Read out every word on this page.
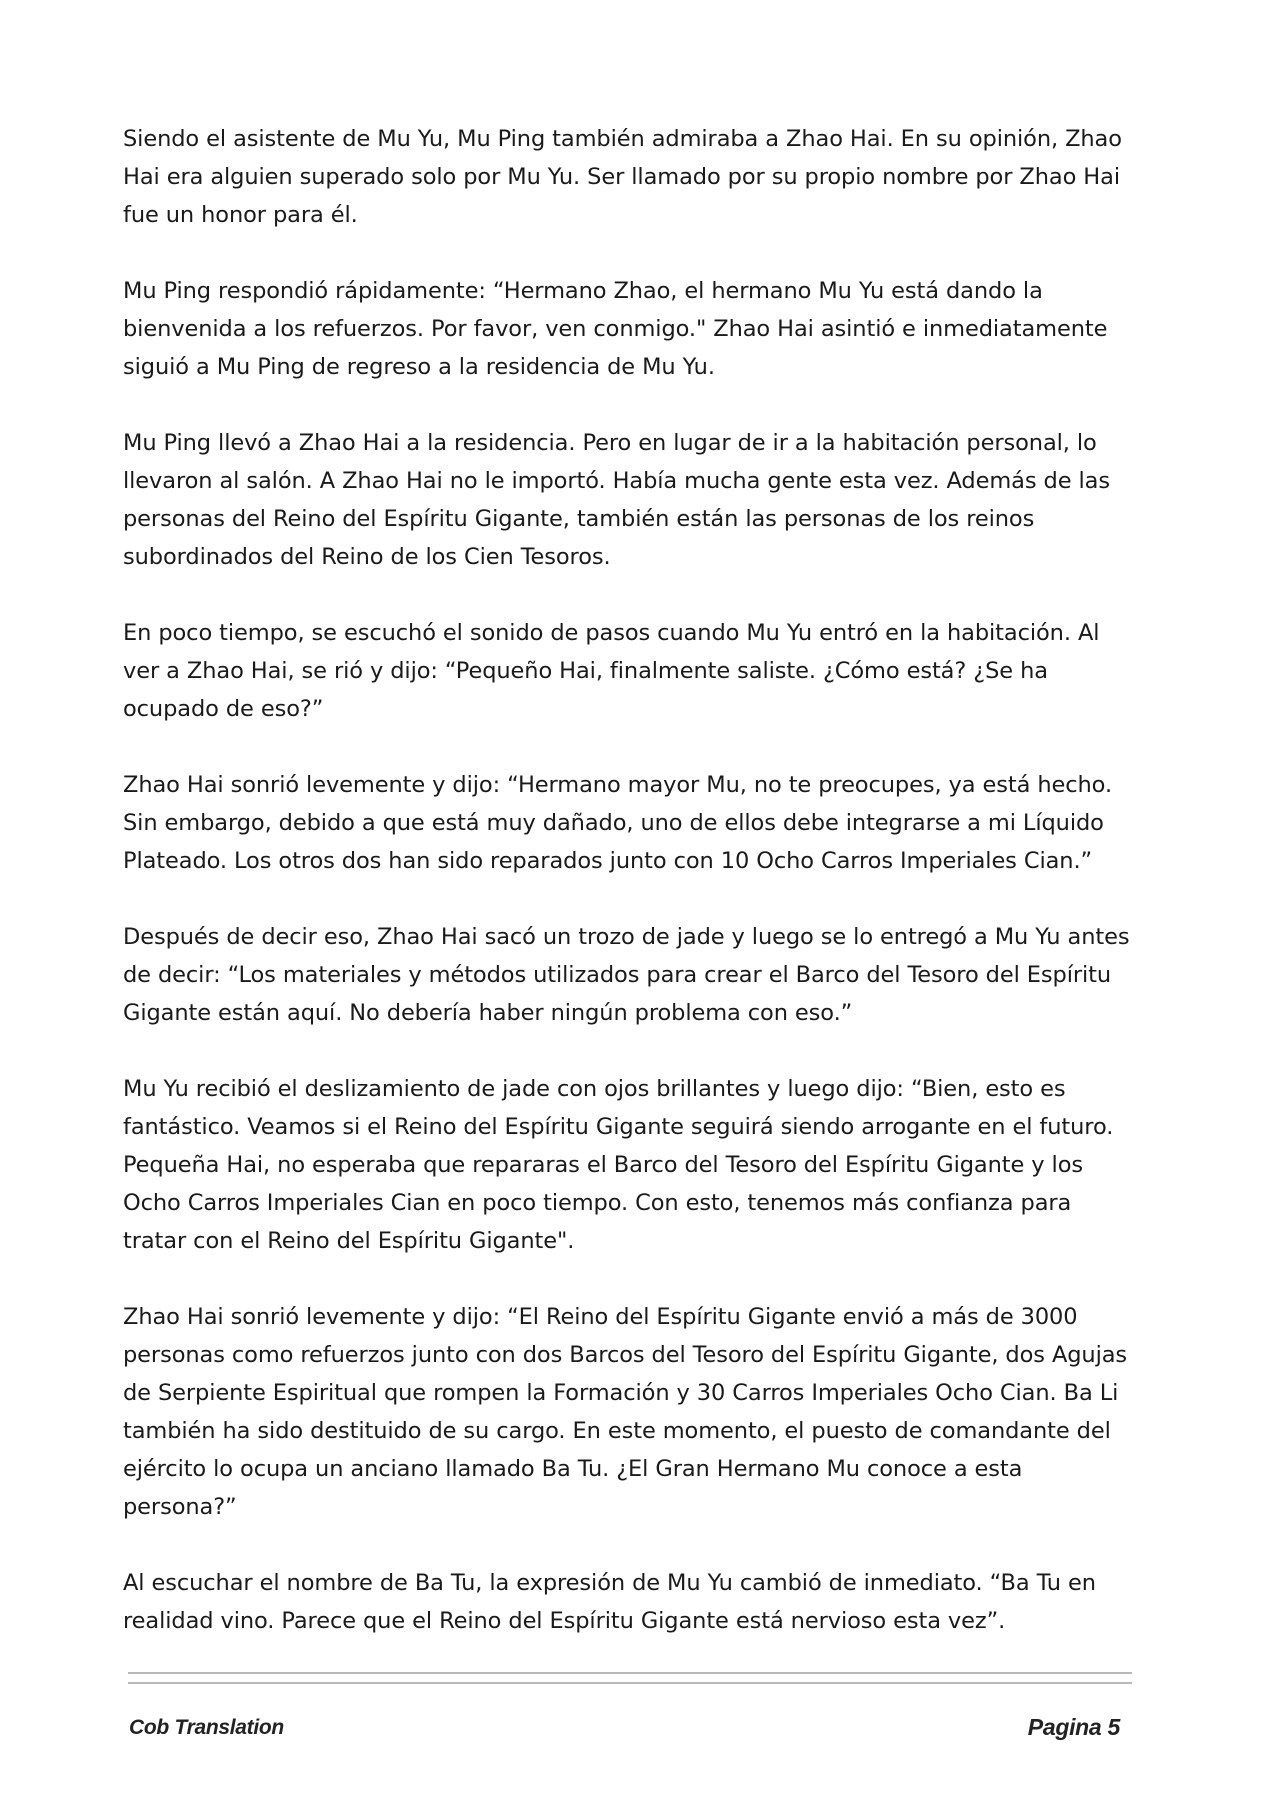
Siendo el asistente de Mu Yu, Mu Ping también admiraba a Zhao Hai. En su opinión, Zhao Hai era alguien superado solo por Mu Yu. Ser llamado por su propio nombre por Zhao Hai fue un honor para él.

Mu Ping respondió rápidamente: “Hermano Zhao, el hermano Mu Yu está dando la bienvenida a los refuerzos. Por favor, ven conmigo." Zhao Hai asintió e inmediatamente siguió a Mu Ping de regreso a la residencia de Mu Yu.

Mu Ping llevó a Zhao Hai a la residencia. Pero en lugar de ir a la habitación personal, lo llevaron al salón. A Zhao Hai no le importó. Había mucha gente esta vez. Además de las personas del Reino del Espíritu Gigante, también están las personas de los reinos subordinados del Reino de los Cien Tesoros.

En poco tiempo, se escuchó el sonido de pasos cuando Mu Yu entró en la habitación. Al ver a Zhao Hai, se rió y dijo: “Pequeño Hai, finalmente saliste. ¿Cómo está? ¿Se ha ocupado de eso?”

Zhao Hai sonrió levemente y dijo: “Hermano mayor Mu, no te preocupes, ya está hecho. Sin embargo, debido a que está muy dañado, uno de ellos debe integrarse a mi Líquido Plateado. Los otros dos han sido reparados junto con 10 Ocho Carros Imperiales Cian.”

Después de decir eso, Zhao Hai sacó un trozo de jade y luego se lo entregó a Mu Yu antes de decir: “Los materiales y métodos utilizados para crear el Barco del Tesoro del Espíritu Gigante están aquí. No debería haber ningún problema con eso.”

Mu Yu recibió el deslizamiento de jade con ojos brillantes y luego dijo: “Bien, esto es fantástico. Veamos si el Reino del Espíritu Gigante seguirá siendo arrogante en el futuro. Pequeña Hai, no esperaba que repararas el Barco del Tesoro del Espíritu Gigante y los Ocho Carros Imperiales Cian en poco tiempo. Con esto, tenemos más confianza para tratar con el Reino del Espíritu Gigante".

Zhao Hai sonrió levemente y dijo: “El Reino del Espíritu Gigante envió a más de 3000 personas como refuerzos junto con dos Barcos del Tesoro del Espíritu Gigante, dos Agujas de Serpiente Espiritual que rompen la Formación y 30 Carros Imperiales Ocho Cian. Ba Li también ha sido destituido de su cargo. En este momento, el puesto de comandante del ejército lo ocupa un anciano llamado Ba Tu. ¿El Gran Hermano Mu conoce a esta persona?”

Al escuchar el nombre de Ba Tu, la expresión de Mu Yu cambió de inmediato. “Ba Tu en realidad vino. Parece que el Reino del Espíritu Gigante está nervioso esta vez”.

Cob Translation	Pagina 5
